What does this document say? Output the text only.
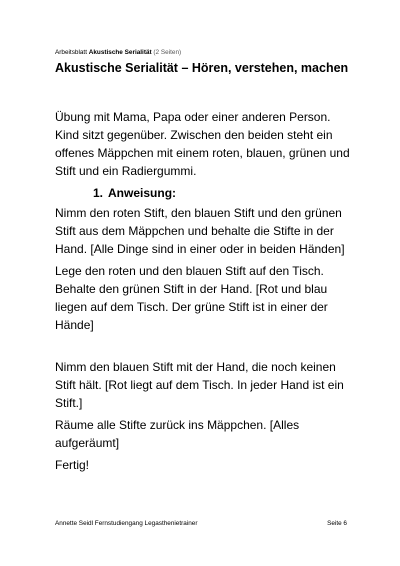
Arbeitsblatt Akustische Serialität (2 Seiten)
Akustische Serialität – Hören, verstehen, machen

Übung mit Mama, Papa oder einer anderen Person. Kind sitzt gegenüber. Zwischen den beiden steht ein offenes Mäppchen mit einem roten, blauen, grünen und Stift und ein Radiergummi.

1. Anweisung:

Nimm den roten Stift, den blauen Stift und den grünen Stift aus dem Mäppchen und behalte die Stifte in der Hand. [Alle Dinge sind in einer oder in beiden Händen]

Lege den roten und den blauen Stift auf den Tisch. Behalte den grünen Stift in der Hand. [Rot und blau liegen auf dem Tisch. Der grüne Stift ist in einer der Hände]

Nimm den blauen Stift mit der Hand, die noch keinen Stift hält. [Rot liegt auf dem Tisch. In jeder Hand ist ein Stift.]

Räume alle Stifte zurück ins Mäppchen. [Alles aufgeräumt]

Fertig!

Annette Seidl Fernstudiengang Legasthenietrainer	Seite 6
